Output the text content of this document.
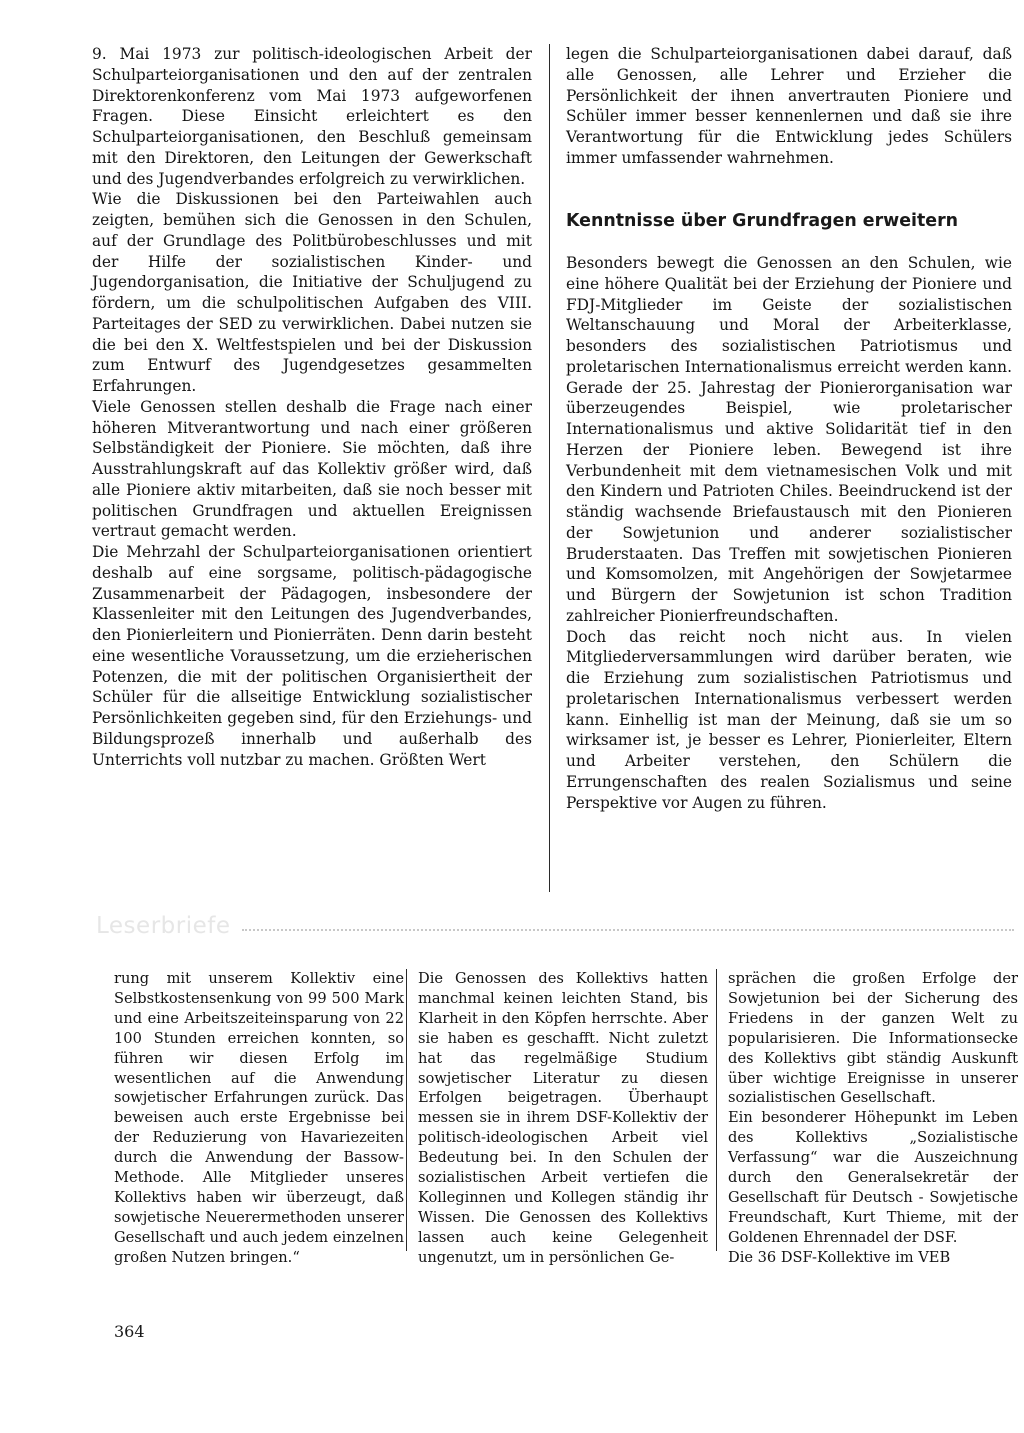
9. Mai 1973 zur politisch-ideologischen Arbeit der Schulparteiorganisationen und den auf der zentralen Direktorenkonferenz vom Mai 1973 aufgeworfenen Fragen. Diese Einsicht erleichtert es den Schulparteiorganisationen, den Beschluß gemeinsam mit den Direktoren, den Leitungen der Gewerkschaft und des Jugendverbandes erfolgreich zu verwirklichen.

Wie die Diskussionen bei den Parteiwahlen auch zeigten, bemühen sich die Genossen in den Schulen, auf der Grundlage des Politbürobeschlusses und mit der Hilfe der sozialistischen Kinder- und Jugendorganisation, die Initiative der Schuljugend zu fördern, um die schulpolitischen Aufgaben des VIII. Parteitages der SED zu verwirklichen. Dabei nutzen sie die bei den X. Weltfestspielen und bei der Diskussion zum Entwurf des Jugendgesetzes gesammelten Erfahrungen.

Viele Genossen stellen deshalb die Frage nach einer höheren Mitverantwortung und nach einer größeren Selbständigkeit der Pioniere. Sie möchten, daß ihre Ausstrahlungskraft auf das Kollektiv größer wird, daß alle Pioniere aktiv mitarbeiten, daß sie noch besser mit politischen Grundfragen und aktuellen Ereignissen vertraut gemacht werden.

Die Mehrzahl der Schulparteiorganisationen orientiert deshalb auf eine sorgsame, politisch-pädagogische Zusammenarbeit der Pädagogen, insbesondere der Klassenleiter mit den Leitungen des Jugendverbandes, den Pionierleitern und Pionierräten. Denn darin besteht eine wesentliche Voraussetzung, um die erzieherischen Potenzen, die mit der politischen Organisiertheit der Schüler für die allseitige Entwicklung sozialistischer Persönlichkeiten gegeben sind, für den Erziehungs- und Bildungsprozeß innerhalb und außerhalb des Unterrichts voll nutzbar zu machen. Größten Wert

legen die Schulparteiorganisationen dabei darauf, daß alle Genossen, alle Lehrer und Erzieher die Persönlichkeit der ihnen anvertrauten Pioniere und Schüler immer besser kennenlernen und daß sie ihre Verantwortung für die Entwicklung jedes Schülers immer umfassender wahrnehmen.

Kenntnisse über Grundfragen erweitern

Besonders bewegt die Genossen an den Schulen, wie eine höhere Qualität bei der Erziehung der Pioniere und FDJ-Mitglieder im Geiste der sozialistischen Weltanschauung und Moral der Arbeiterklasse, besonders des sozialistischen Patriotismus und proletarischen Internationalismus erreicht werden kann. Gerade der 25. Jahrestag der Pionierorganisation war überzeugendes Beispiel, wie proletarischer Internationalismus und aktive Solidarität tief in den Herzen der Pioniere leben. Bewegend ist ihre Verbundenheit mit dem vietnamesischen Volk und mit den Kindern und Patrioten Chiles. Beeindruckend ist der ständig wachsende Briefaustausch mit den Pionieren der Sowjetunion und anderer sozialistischer Bruderstaaten. Das Treffen mit sowjetischen Pionieren und Komsomolzen, mit Angehörigen der Sowjetarmee und Bürgern der Sowjetunion ist schon Tradition zahlreicher Pionierfreundschaften.

Doch das reicht noch nicht aus. In vielen Mitgliederversammlungen wird darüber beraten, wie die Erziehung zum sozialistischen Patriotismus und proletarischen Internationalismus verbessert werden kann. Einhellig ist man der Meinung, daß sie um so wirksamer ist, je besser es Lehrer, Pionierleiter, Eltern und Arbeiter verstehen, den Schülern die Errungenschaften des realen Sozialismus und seine Perspektive vor Augen zu führen.

Leserbriefe

rung mit unserem Kollektiv eine Selbstkostensenkung von 99 500 Mark und eine Arbeitszeiteinsparung von 22 100 Stunden erreichen konnten, so führen wir diesen Erfolg im wesentlichen auf die Anwendung sowjetischer Erfahrungen zurück. Das beweisen auch erste Ergebnisse bei der Reduzierung von Havariezeiten durch die Anwendung der Bassow-Methode. Alle Mitglieder unseres Kollektivs haben wir überzeugt, daß sowjetische Neuerermethoden unserer Gesellschaft und auch jedem einzelnen großen Nutzen bringen.“

Die Genossen des Kollektivs hatten manchmal keinen leichten Stand, bis Klarheit in den Köpfen herrschte. Aber sie haben es geschafft. Nicht zuletzt hat das regelmäßige Studium sowjetischer Literatur zu diesen Erfolgen beigetragen. Überhaupt messen sie in ihrem DSF-Kollektiv der politisch-ideologischen Arbeit viel Bedeutung bei. In den Schulen der sozialistischen Arbeit vertiefen die Kolleginnen und Kollegen ständig ihr Wissen. Die Genossen des Kollektivs lassen auch keine Gelegenheit ungenutzt, um in persönlichen Ge-

sprächen die großen Erfolge der Sowjetunion bei der Sicherung des Friedens in der ganzen Welt zu popularisieren. Die Informationsecke des Kollektivs gibt ständig Auskunft über wichtige Ereignisse in unserer sozialistischen Gesellschaft.

Ein besonderer Höhepunkt im Leben des Kollektivs „Sozialistische Verfassung“ war die Auszeichnung durch den Generalsekretär der Gesellschaft für Deutsch - Sowjetische Freundschaft, Kurt Thieme, mit der Goldenen Ehrennadel der DSF.

Die 36 DSF-Kollektive im VEB

364
